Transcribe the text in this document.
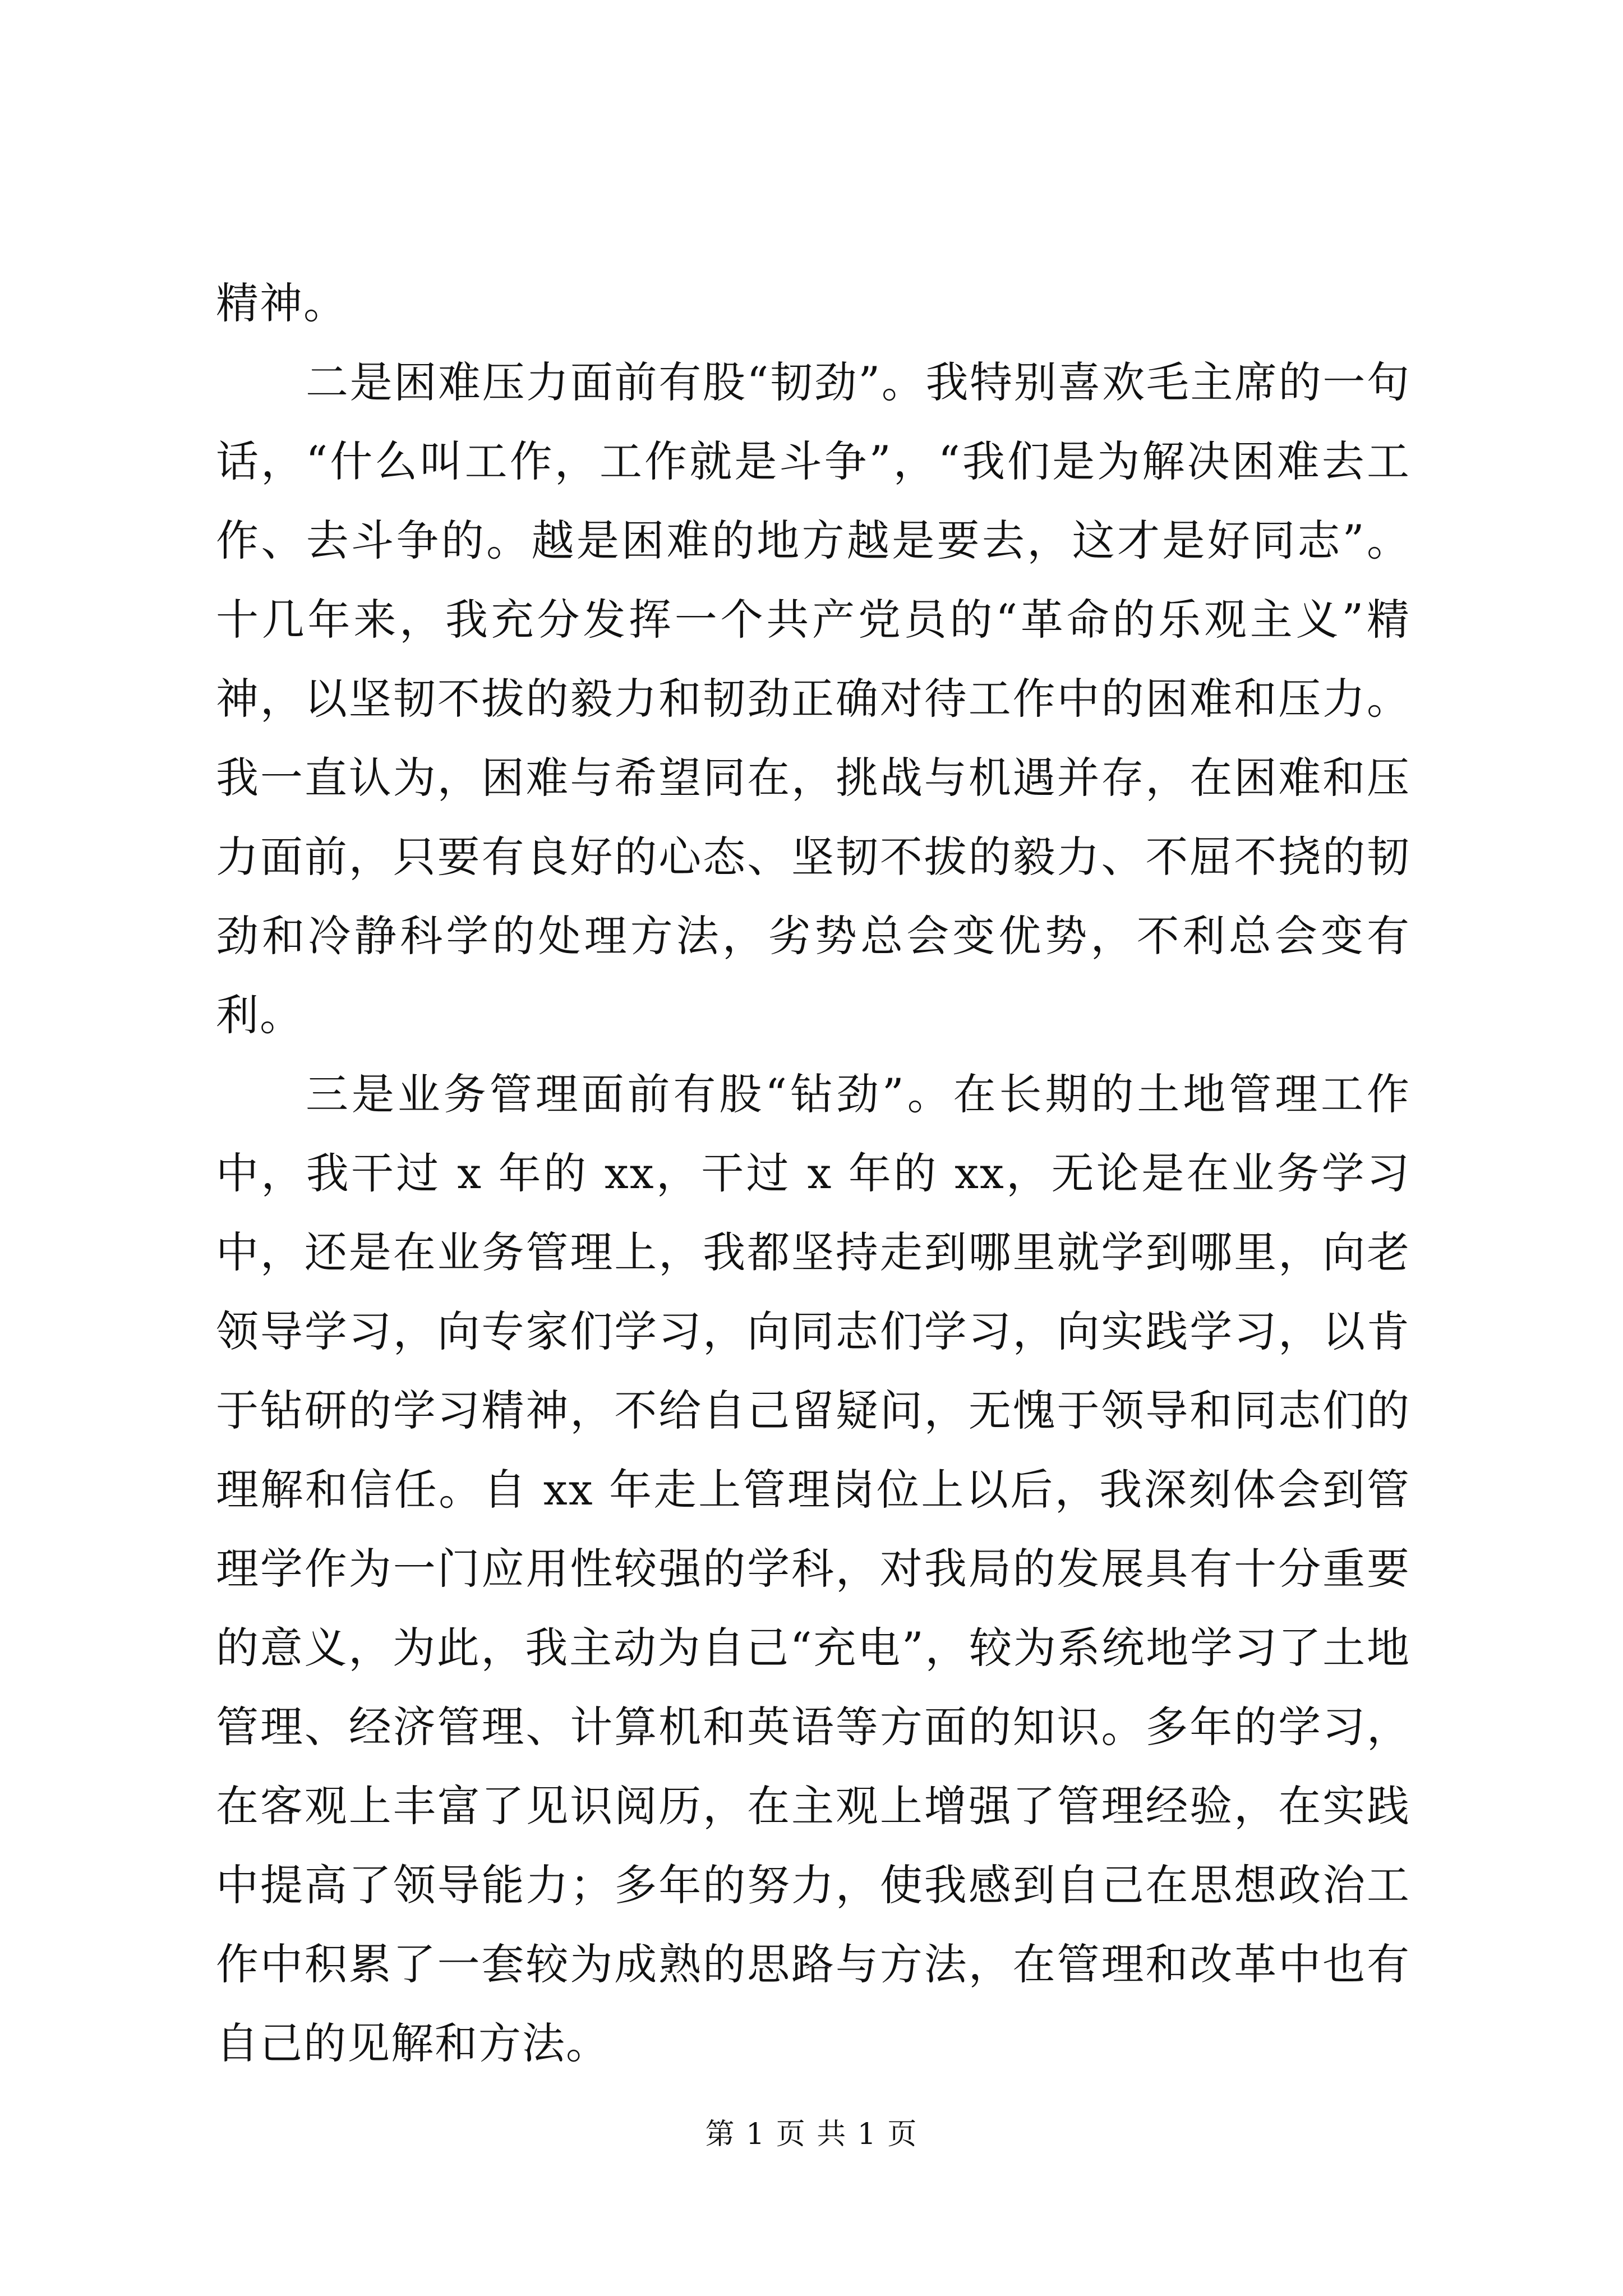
精神。

二是困难压力面前有股“韧劲”。我特别喜欢毛主席的一句话，“什么叫工作，工作就是斗争”，“我们是为解决困难去工作、去斗争的。越是困难的地方越是要去，这才是好同志”。十几年来，我充分发挥一个共产党员的“革命的乐观主义”精神，以坚韧不拔的毅力和韧劲正确对待工作中的困难和压力。我一直认为，困难与希望同在，挑战与机遇并存，在困难和压力面前，只要有良好的心态、坚韧不拔的毅力、不屈不挠的韧劲和冷静科学的处理方法，劣势总会变优势，不利总会变有利。

三是业务管理面前有股“钻劲”。在长期的土地管理工作中，我干过 x 年的 xx，干过 x 年的 xx，无论是在业务学习中，还是在业务管理上，我都坚持走到哪里就学到哪里，向老领导学习，向专家们学习，向同志们学习，向实践学习，以肯于钻研的学习精神，不给自己留疑问，无愧于领导和同志们的理解和信任。自 xx 年走上管理岗位上以后，我深刻体会到管理学作为一门应用性较强的学科，对我局的发展具有十分重要的意义，为此，我主动为自己“充电”，较为系统地学习了土地管理、经济管理、计算机和英语等方面的知识。多年的学习，在客观上丰富了见识阅历，在主观上增强了管理经验，在实践中提高了领导能力；多年的努力，使我感到自己在思想政治工作中积累了一套较为成熟的思路与方法，在管理和改革中也有自己的见解和方法。

第 1 页 共 1 页
